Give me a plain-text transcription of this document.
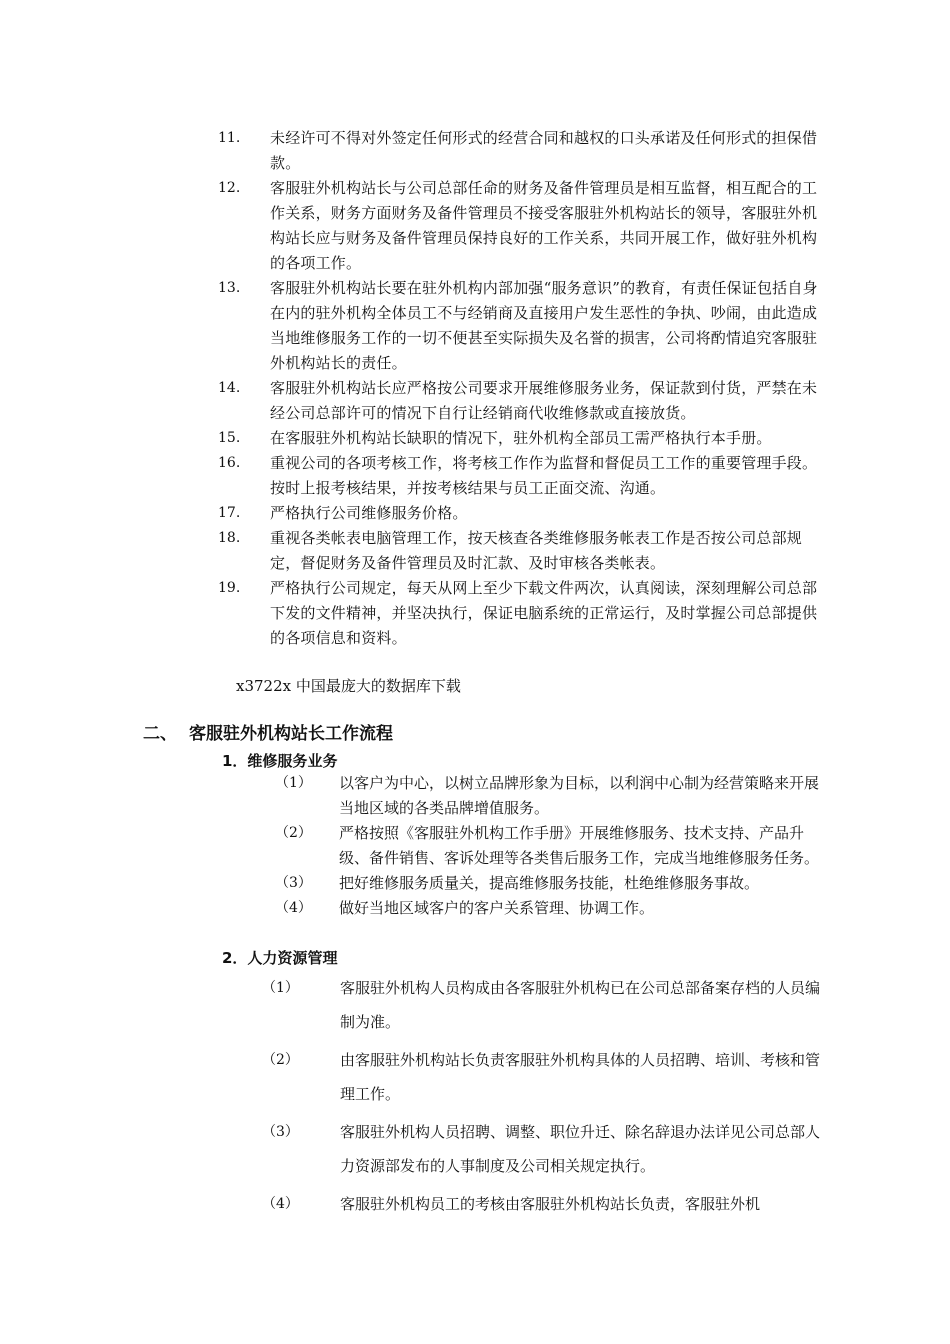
11.	未经许可不得对外签定任何形式的经营合同和越权的口头承诺及任何形式的担保借款。
12.	客服驻外机构站长与公司总部任命的财务及备件管理员是相互监督，相互配合的工作关系，财务方面财务及备件管理员不接受客服驻外机构站长的领导，客服驻外机构站长应与财务及备件管理员保持良好的工作关系，共同开展工作，做好驻外机构的各项工作。
13.	客服驻外机构站长要在驻外机构内部加强“服务意识”的教育，有责任保证包括自身在内的驻外机构全体员工不与经销商及直接用户发生恶性的争执、吵闹，由此造成当地维修服务工作的一切不便甚至实际损失及名誉的损害，公司将酌情追究客服驻外机构站长的责任。
14.	客服驻外机构站长应严格按公司要求开展维修服务业务，保证款到付货，严禁在未经公司总部许可的情况下自行让经销商代收维修款或直接放货。
15.	在客服驻外机构站长缺职的情况下，驻外机构全部员工需严格执行本手册。
16.	重视公司的各项考核工作，将考核工作作为监督和督促员工工作的重要管理手段。按时上报考核结果，并按考核结果与员工正面交流、沟通。
17.	严格执行公司维修服务价格。
18.	重视各类帐表电脑管理工作，按天核查各类维修服务帐表工作是否按公司总部规定，督促财务及备件管理员及时汇款、及时审核各类帐表。
19.	严格执行公司规定，每天从网上至少下载文件两次，认真阅读，深刻理解公司总部下发的文件精神，并坚决执行，保证电脑系统的正常运行，及时掌握公司总部提供的各项信息和资料。
x3722x 中国最庞大的数据库下载
二、 客服驻外机构站长工作流程
1．维修服务业务
（1）	以客户为中心，以树立品牌形象为目标，以利润中心制为经营策略来开展当地区域的各类品牌增值服务。
（2）	严格按照《客服驻外机构工作手册》开展维修服务、技术支持、产品升级、备件销售、客诉处理等各类售后服务工作，完成当地维修服务任务。
（3）	把好维修服务质量关，提高维修服务技能，杜绝维修服务事故。
（4）	做好当地区域客户的客户关系管理、协调工作。
2．人力资源管理
（1）	客服驻外机构人员构成由各客服驻外机构已在公司总部备案存档的人员编制为准。
（2）	由客服驻外机构站长负责客服驻外机构具体的人员招聘、培训、考核和管理工作。
（3）	客服驻外机构人员招聘、调整、职位升迁、除名辞退办法详见公司总部人力资源部发布的人事制度及公司相关规定执行。
（4）	客服驻外机构员工的考核由客服驻外机构站长负责，客服驻外机
